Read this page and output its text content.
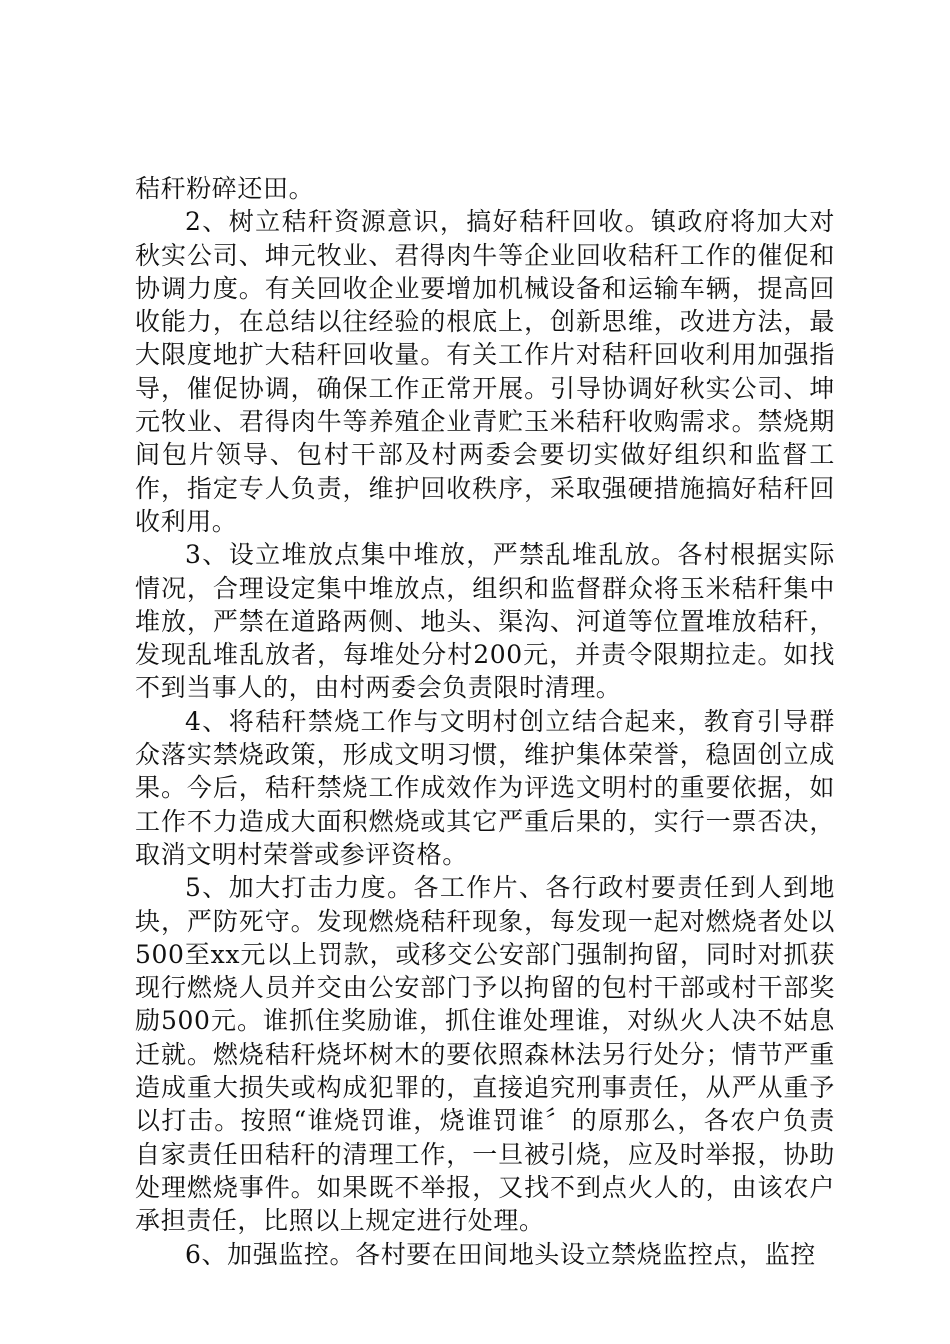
秸秆粉碎还田。

2、树立秸秆资源意识，搞好秸秆回收。镇政府将加大对秋实公司、坤元牧业、君得肉牛等企业回收秸秆工作的催促和协调力度。有关回收企业要增加机械设备和运输车辆，提高回收能力，在总结以往经验的根底上，创新思维，改进方法，最大限度地扩大秸秆回收量。有关工作片对秸秆回收利用加强指导，催促协调，确保工作正常开展。引导协调好秋实公司、坤元牧业、君得肉牛等养殖企业青贮玉米秸秆收购需求。禁烧期间包片领导、包村干部及村两委会要切实做好组织和监督工作，指定专人负责，维护回收秩序，采取强硬措施搞好秸秆回收利用。

3、设立堆放点集中堆放，严禁乱堆乱放。各村根据实际情况，合理设定集中堆放点，组织和监督群众将玉米秸秆集中堆放，严禁在道路两侧、地头、渠沟、河道等位置堆放秸秆，发现乱堆乱放者，每堆处分村200元，并责令限期拉走。如找不到当事人的，由村两委会负责限时清理。

4、将秸秆禁烧工作与文明村创立结合起来，教育引导群众落实禁烧政策，形成文明习惯，维护集体荣誉，稳固创立成果。今后，秸秆禁烧工作成效作为评选文明村的重要依据，如工作不力造成大面积燃烧或其它严重后果的，实行一票否决，取消文明村荣誉或参评资格。

5、加大打击力度。各工作片、各行政村要责任到人到地块，严防死守。发现燃烧秸秆现象，每发现一起对燃烧者处以500至xx元以上罚款，或移交公安部门强制拘留，同时对抓获现行燃烧人员并交由公安部门予以拘留的包村干部或村干部奖励500元。谁抓住奖励谁，抓住谁处理谁，对纵火人决不姑息迁就。燃烧秸秆烧坏树木的要依照森林法另行处分；情节严重造成重大损失或构成犯罪的，直接追究刑事责任，从严从重予以打击。按照“谁烧罚谁，烧谁罚谁〞的原那么，各农户负责自家责任田秸秆的清理工作，一旦被引烧，应及时举报，协助处理燃烧事件。如果既不举报，又找不到点火人的，由该农户承担责任，比照以上规定进行处理。

6、加强监控。各村要在田间地头设立禁烧监控点，监控
